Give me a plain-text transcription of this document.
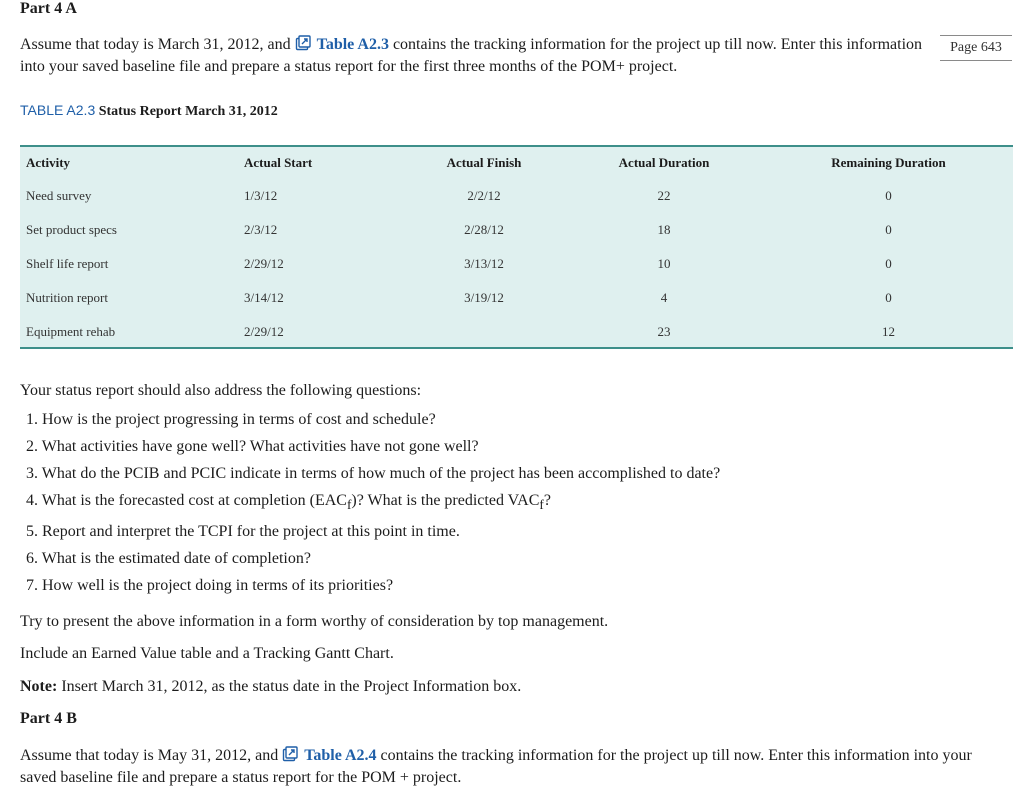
Part 4 A
Assume that today is March 31, 2012, and Table A2.3 contains the tracking information for the project up till now. Enter this information into your saved baseline file and prepare a status report for the first three months of the POM+ project.
Page 643
TABLE A2.3 Status Report March 31, 2012
Activity	Actual Start	Actual Finish	Actual Duration	Remaining Duration
Need survey	1/3/12	2/2/12	22	0
Set product specs	2/3/12	2/28/12	18	0
Shelf life report	2/29/12	3/13/12	10	0
Nutrition report	3/14/12	3/19/12	4	0
Equipment rehab	2/29/12		23	12
Your status report should also address the following questions:
1. How is the project progressing in terms of cost and schedule?
2. What activities have gone well? What activities have not gone well?
3. What do the PCIB and PCIC indicate in terms of how much of the project has been accomplished to date?
4. What is the forecasted cost at completion $(EAC_f)$? What is the predicted $VAC_f$?
5. Report and interpret the TCPI for the project at this point in time.
6. What is the estimated date of completion?
7. How well is the project doing in terms of its priorities?
Try to present the above information in a form worthy of consideration by top management.
Include an Earned Value table and a Tracking Gantt Chart.
Note: Insert March 31, 2012, as the status date in the Project Information box.
Part 4 B
Assume that today is May 31, 2012, and Table A2.4 contains the tracking information for the project up till now. Enter this information into your saved baseline file and prepare a status report for the POM + project.
